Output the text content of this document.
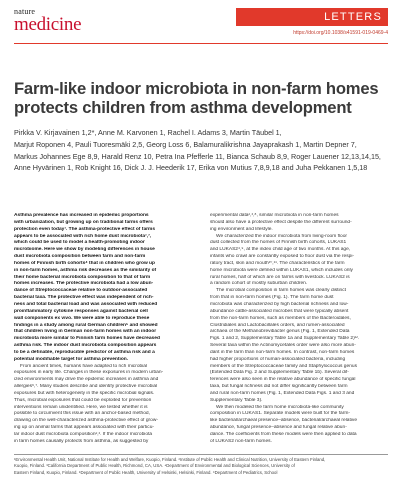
nature
medicine	LETTERS
https://doi.org/10.1038/s41591-019-0469-4
Farm-like indoor microbiota in non-farm homes
protects children from asthma development
Pirkka V. Kirjavainen 1,2*, Anne M. Karvonen 1, Rachel I. Adams 3, Martin Täubel 1,
Marjut Roponen 4, Pauli Tuoresmäki 2,5, Georg Loss 6, Balamuralikrishna Jayaprakash 1, Martin Depner 7,
Markus Johannes Ege 8,9, Harald Renz 10, Petra Ina Pfefferle 11, Bianca Schaub 8,9, Roger Lauener 12,13,14,15,
Anne Hyvärinen 1, Rob Knight 16, Dick J. J. Heederik 17, Erika von Mutius 7,8,9,18 and Juha Pekkanen 1,5,18
Asthma prevalence has increased in epidemic proportions
with urbanization, but growing up on traditional farms offers
protection even today¹. The asthma-protective effect of farms
appears to be associated with rich home dust microbiota²,³,
which could be used to model a health-promoting indoor
microbiome. Here we show by modeling differences in house
dust microbiota composition between farm and non-farm
homes of Finnish birth cohorts⁴ that in children who grow up
in non-farm homes, asthma risk decreases as the similarity of
their home bacterial microbiota composition to that of farm
homes increases. The protective microbiota had a low abun-
dance of Streptococcaceae relative to outdoor-associated
bacterial taxa. The protective effect was independent of rich-
ness and total bacterial load and was associated with reduced
proinflammatory cytokine responses against bacterial cell
wall components ex vivo. We were able to reproduce these
findings in a study among rural German children⁵ and showed
that children living in German non-farm homes with an indoor
microbiota more similar to Finnish farm homes have decreased
asthma risk. The indoor dust microbiota composition appears
to be a definable, reproducible predictor of asthma risk and a
potential modifiable target for asthma prevention.
From ancient times, humans have adapted to rich microbial
exposures in early life. Changes in these exposures in modern urban-
ized environments may drive the epidemic increases in asthma and
allergies⁶,⁷. Many studies describe and identify protective microbial
exposures but with heterogeneity in the specific microbial signals.
Thus, microbial exposures that could be exploited for prevention
interventions remain unidentified. Here, we tested whether it is
possible to circumvent this issue with an anchor-based method,
drawing on the well-characterized asthma-protective effect of grow-
ing up on animal farms that appears associated with their particu-
lar indoor dust microbiota composition²,³. If the indoor microbiota
in farm homes causally protects from asthma, as suggested by
experimental data²,³,⁸, similar microbiota in non-farm homes
should also have a protective effect despite the different surround-
ing environment and lifestyle.
We characterized the indoor microbiota from living-room floor
dust collected from the homes of Finnish birth cohorts, LUKAS1
and LUKAS2⁴,⁹, at the index child age of two months. At this age,
infants who crawl are constantly exposed to floor dust via the respi-
ratory tract, skin and mouth¹⁰,¹¹. The characteristics of the farm
home microbiota were defined within LUKAS1, which includes only
rural homes, half of which are on farms with livestock. LUKAS2 is
a random cohort of mostly suburban children.
The microbial composition in farm homes was clearly distinct
from that in non-farm homes (Fig. 1). The farm home dust
microbiota was characterized by high bacterial richness and low-
abundance cattle-associated microbes that were typically absent
from the non-farm homes, such as members of the Bacteroidales,
Clostridiales and Lactobacillales orders, and rumen-associated
archaea of the Methanobrevibacter genus (Fig. 1, Extended Data
Figs. 1 and 2, Supplementary Table 1a and Supplementary Table 2)¹².
Several taxa within the Actinomycetales order were also more abun-
dant in the farm than non-farm homes. In contrast, non-farm homes
had higher proportions of human-associated bacteria, including
members of the Streptococcaceae family and Staphylococcus genus
(Extended Data Fig. 2 and Supplementary Table 1b). Several dif-
ferences were also seen in the relative abundance of specific fungal
taxa, but fungal richness did not differ significantly between farm
and rural non-farm homes (Fig. 1, Extended Data Figs. 1 and 3 and
Supplementary Table 3).
We then modeled the farm home microbiota-like community
composition in LUKAS1. Separate models were built for the farm-
like bacterial/archaeal presence–absence, bacterial/archaeal relative
abundance, fungal presence–absence and fungal relative abun-
dance. The coefficients from these models were then applied to data
of LUKAS2 non-farm homes.
¹Environmental Health Unit, National Institute for Health and Welfare, Kuopio, Finland. ²Institute of Public Health and Clinical Nutrition, University of Eastern Finland,
Kuopio, Finland. ³California Department of Public Health, Richmond, CA, USA. ⁴Department of Environmental and Biological Sciences, University of
Eastern Finland, Kuopio, Finland. ⁵Department of Public Health, University of Helsinki, Helsinki, Finland. ⁶Department of Pediatrics, School
